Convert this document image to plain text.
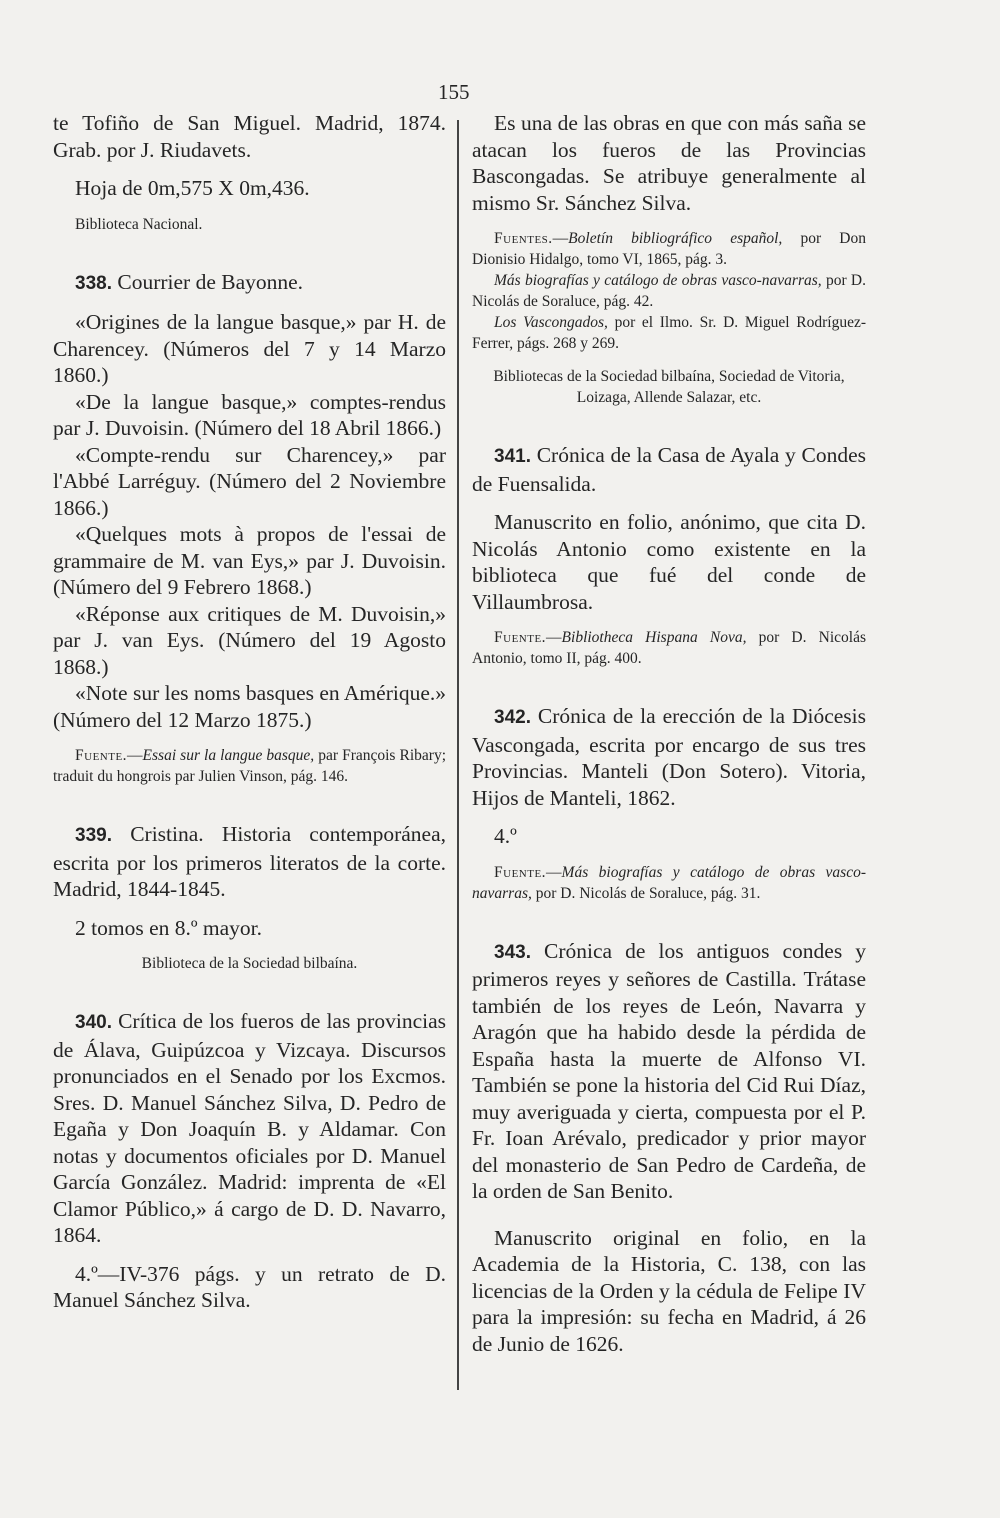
155

te Tofiño de San Miguel. Madrid, 1874. Grab. por J. Riudavets.

Hoja de 0m,575 X 0m,436.

Biblioteca Nacional.

338. Courrier de Bayonne.

«Origines de la langue basque,» par H. de Charencey. (Números del 7 y 14 Marzo 1860.)

«De la langue basque,» comptes-rendus par J. Duvoisin. (Número del 18 Abril 1866.)

«Compte-rendu sur Charencey,» par l'Abbé Larréguy. (Número del 2 Noviembre 1866.)

«Quelques mots à propos de l'essai de grammaire de M. van Eys,» par J. Duvoisin. (Número del 9 Febrero 1868.)

«Réponse aux critiques de M. Duvoisin,» par J. van Eys. (Número del 19 Agosto 1868.)

«Note sur les noms basques en Amérique.» (Número del 12 Marzo 1875.)

Fuente.—Essai sur la langue basque, par François Ribary; traduit du hongrois par Julien Vinson, pág. 146.

339. Cristina. Historia contemporánea, escrita por los primeros literatos de la corte. Madrid, 1844-1845.

2 tomos en 8.º mayor.

Biblioteca de la Sociedad bilbaína.

340. Crítica de los fueros de las provincias de Álava, Guipúzcoa y Vizcaya. Discursos pronunciados en el Senado por los Excmos. Sres. D. Manuel Sánchez Silva, D. Pedro de Egaña y Don Joaquín B. y Aldamar. Con notas y documentos oficiales por D. Manuel García González. Madrid: imprenta de «El Clamor Público,» á cargo de D. D. Navarro, 1864.

4.º—IV-376 págs. y un retrato de D. Manuel Sánchez Silva.

Es una de las obras en que con más saña se atacan los fueros de las Provincias Bascongadas. Se atribuye generalmente al mismo Sr. Sánchez Silva.

Fuentes.—Boletín bibliográfico español, por Don Dionisio Hidalgo, tomo VI, 1865, pág. 3.

Más biografías y catálogo de obras vasco-navarras, por D. Nicolás de Soraluce, pág. 42.

Los Vascongados, por el Ilmo. Sr. D. Miguel Rodríguez-Ferrer, págs. 268 y 269.

Bibliotecas de la Sociedad bilbaína, Sociedad de Vitoria, Loizaga, Allende Salazar, etc.

341. Crónica de la Casa de Ayala y Condes de Fuensalida.

Manuscrito en folio, anónimo, que cita D. Nicolás Antonio como existente en la biblioteca que fué del conde de Villaumbrosa.

Fuente.—Bibliotheca Hispana Nova, por D. Nicolás Antonio, tomo II, pág. 400.

342. Crónica de la erección de la Diócesis Vascongada, escrita por encargo de sus tres Provincias. Manteli (Don Sotero). Vitoria, Hijos de Manteli, 1862.

4.º

Fuente.—Más biografías y catálogo de obras vasco-navarras, por D. Nicolás de Soraluce, pág. 31.

343. Crónica de los antiguos condes y primeros reyes y señores de Castilla. Trátase también de los reyes de León, Navarra y Aragón que ha habido desde la pérdida de España hasta la muerte de Alfonso VI. También se pone la historia del Cid Rui Díaz, muy averiguada y cierta, compuesta por el P. Fr. Ioan Arévalo, predicador y prior mayor del monasterio de San Pedro de Cardeña, de la orden de San Benito.

Manuscrito original en folio, en la Academia de la Historia, C. 138, con las licencias de la Orden y la cédula de Felipe IV para la impresión: su fecha en Madrid, á 26 de Junio de 1626.
